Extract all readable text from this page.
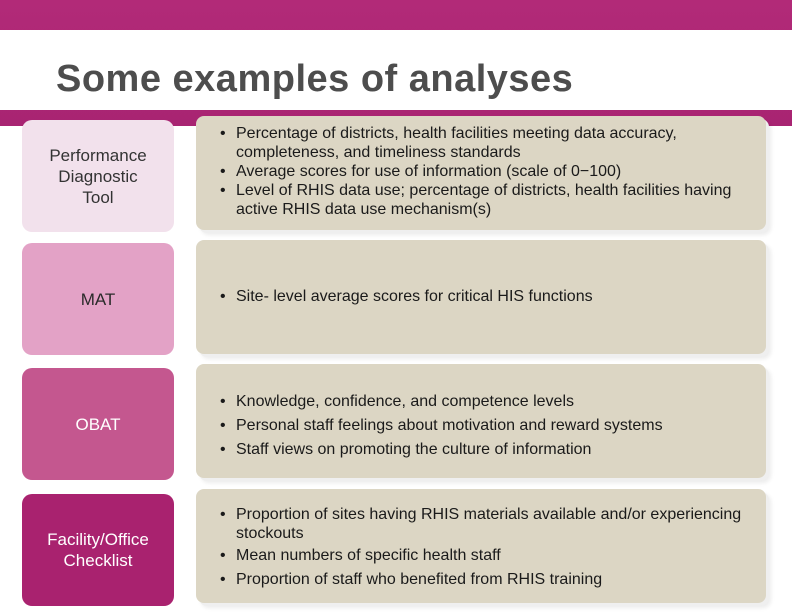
Some examples of analyses
Performance
Diagnostic
Tool
• Percentage of districts, health facilities meeting data accuracy, completeness, and timeliness standards
• Average scores for use of information (scale of 0−100)
• Level of RHIS data use; percentage of districts, health facilities having active RHIS data use mechanism(s)
MAT
•	Site- level average scores for critical HIS functions
OBAT
• Knowledge, confidence, and competence levels
• Personal staff feelings about motivation and reward systems
• Staff views on promoting the culture of information
Facility/Office
Checklist
• Proportion of sites having RHIS materials available and/or experiencing stockouts
• Mean numbers of specific health staff
• Proportion of staff who benefited from RHIS training
